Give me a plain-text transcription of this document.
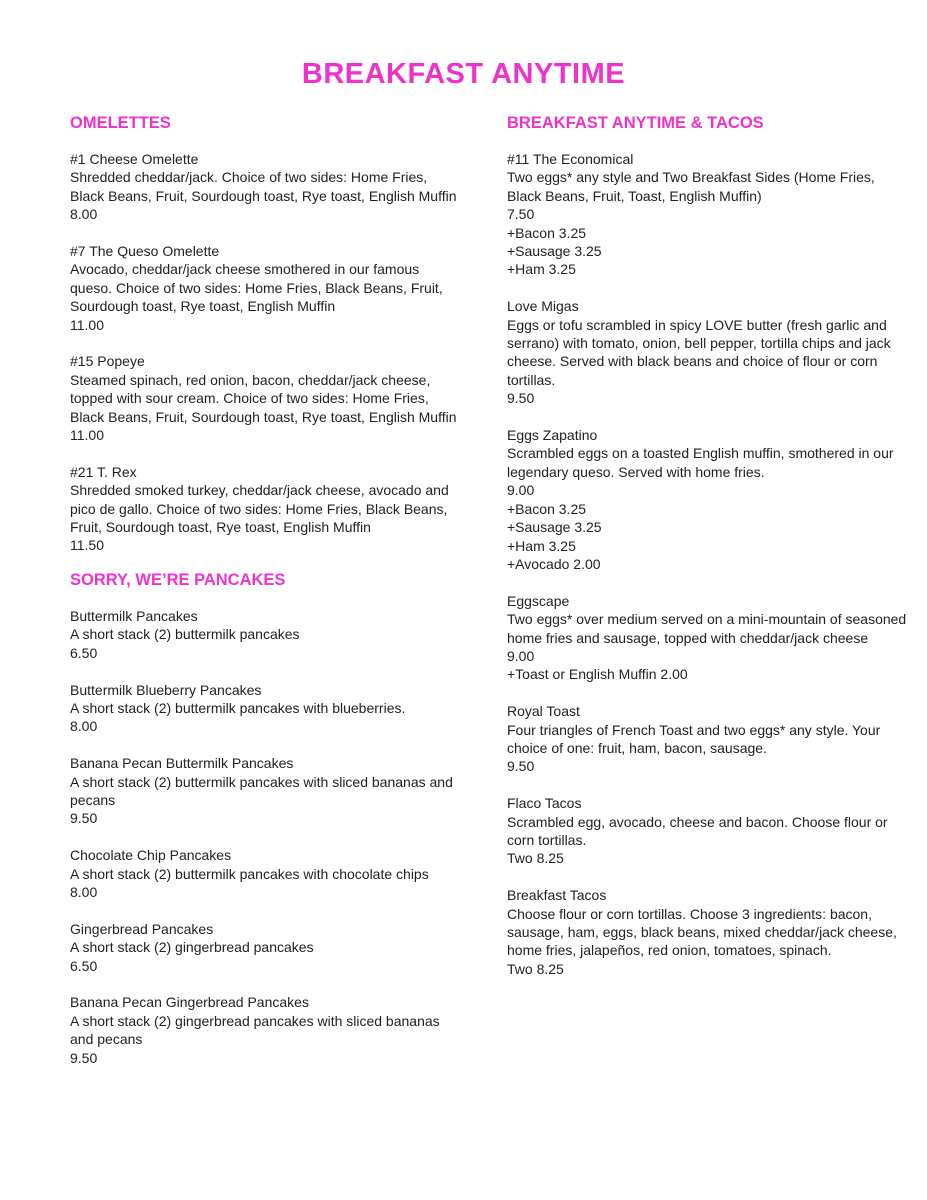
BREAKFAST ANYTIME
OMELETTES
#1 Cheese Omelette
Shredded cheddar/jack. Choice of two sides: Home Fries, Black Beans, Fruit, Sourdough toast, Rye toast, English Muffin
8.00
#7 The Queso Omelette
Avocado, cheddar/jack cheese smothered in our famous queso. Choice of two sides: Home Fries, Black Beans, Fruit, Sourdough toast, Rye toast, English Muffin
11.00
#15 Popeye
Steamed spinach, red onion, bacon, cheddar/jack cheese, topped with sour cream. Choice of two sides: Home Fries, Black Beans, Fruit, Sourdough toast, Rye toast, English Muffin
11.00
#21 T. Rex
Shredded smoked turkey, cheddar/jack cheese, avocado and pico de gallo. Choice of two sides: Home Fries, Black Beans, Fruit, Sourdough toast, Rye toast, English Muffin
11.50
SORRY, WE’RE PANCAKES
Buttermilk Pancakes
A short stack (2) buttermilk pancakes
6.50
Buttermilk Blueberry Pancakes
A short stack (2) buttermilk pancakes with blueberries.
8.00
Banana Pecan Buttermilk Pancakes
A short stack (2) buttermilk pancakes with sliced bananas and pecans
9.50
Chocolate Chip Pancakes
A short stack (2) buttermilk pancakes with chocolate chips
8.00
Gingerbread Pancakes
A short stack (2) gingerbread pancakes
6.50
Banana Pecan Gingerbread Pancakes
A short stack (2) gingerbread pancakes with sliced bananas and pecans
9.50
BREAKFAST ANYTIME & TACOS
#11 The Economical
Two eggs* any style and Two Breakfast Sides (Home Fries, Black Beans, Fruit, Toast, English Muffin)
7.50
+Bacon 3.25
+Sausage 3.25
+Ham 3.25
Love Migas
Eggs or tofu scrambled in spicy LOVE butter (fresh garlic and serrano) with tomato, onion, bell pepper, tortilla chips and jack cheese. Served with black beans and choice of flour or corn tortillas.
9.50
Eggs Zapatino
Scrambled eggs on a toasted English muffin, smothered in our legendary queso. Served with home fries.
9.00
+Bacon 3.25
+Sausage 3.25
+Ham 3.25
+Avocado 2.00
Eggscape
Two eggs* over medium served on a mini-mountain of seasoned home fries and sausage, topped with cheddar/jack cheese
9.00
+Toast or English Muffin 2.00
Royal Toast
Four triangles of French Toast and two eggs* any style. Your choice of one: fruit, ham, bacon, sausage.
9.50
Flaco Tacos
Scrambled egg, avocado, cheese and bacon. Choose flour or corn tortillas.
Two 8.25
Breakfast Tacos
Choose flour or corn tortillas. Choose 3 ingredients: bacon, sausage, ham, eggs, black beans, mixed cheddar/jack cheese, home fries, jalapeños, red onion, tomatoes, spinach.
Two 8.25
